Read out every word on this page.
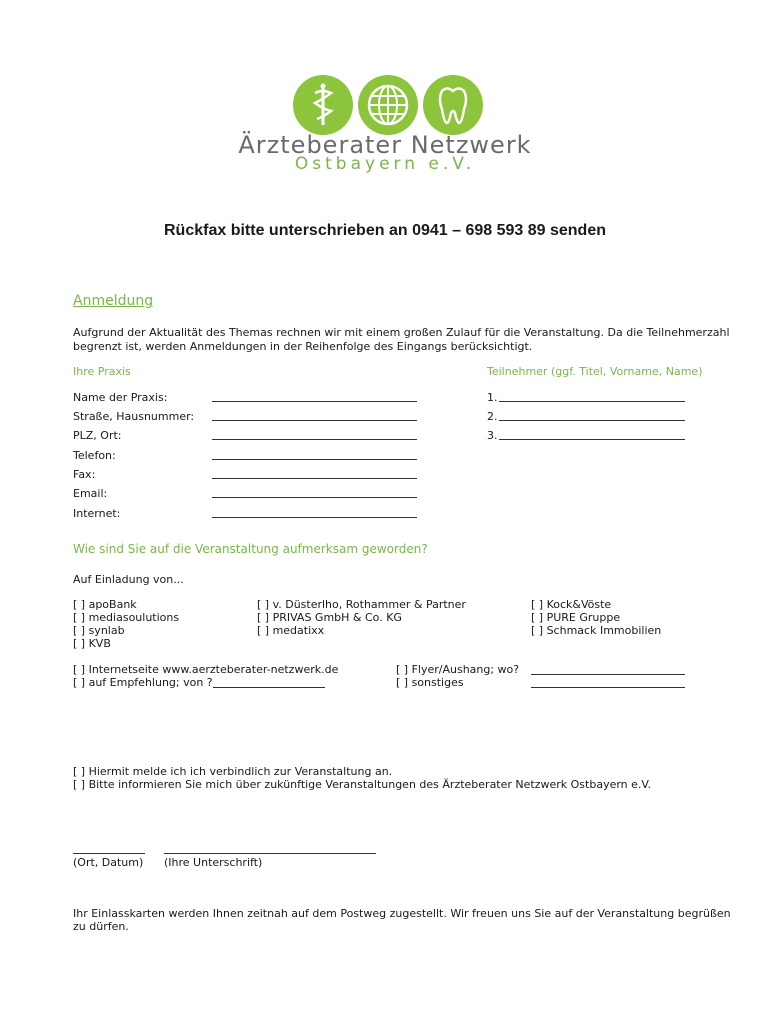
Ärzteberater Netzwerk
Ostbayern e.V.
Rückfax bitte unterschrieben an 0941 – 698 593 89 senden
Anmeldung
Aufgrund der Aktualität des Themas rechnen wir mit einem großen Zulauf für die Veranstaltung. Da die Teilnehmerzahl
begrenzt ist, werden Anmeldungen in der Reihenfolge des Eingangs berücksichtigt.
Ihre Praxis	Teilnehmer (ggf. Titel, Vorname, Name)
Name der Praxis:
Straße, Hausnummer:
PLZ, Ort:
Telefon:
Fax:
Email:
Internet:
1.
2.
3.
Wie sind Sie auf die Veranstaltung aufmerksam geworden?
Auf Einladung von...
[ ] apoBank
[ ] mediasoulutions
[ ] synlab
[ ] KVB
[ ] v. Düsterlho, Rothammer & Partner
[ ] PRIVAS GmbH & Co. KG
[ ] medatixx
[ ] Kock&Vöste
[ ] PURE Gruppe
[ ] Schmack Immobilien
[ ] Internetseite www.aerzteberater-netzwerk.de
[ ] auf Empfehlung; von ?
[ ] Flyer/Aushang; wo?
[ ] sonstiges
[ ] Hiermit melde ich ich verbindlich zur Veranstaltung an.
[ ] Bitte informieren Sie mich über zukünftige Veranstaltungen des Ärzteberater Netzwerk Ostbayern e.V.
(Ort, Datum) (Ihre Unterschrift)
Ihr Einlasskarten werden Ihnen zeitnah auf dem Postweg zugestellt. Wir freuen uns Sie auf der Veranstaltung begrüßen
zu dürfen.
